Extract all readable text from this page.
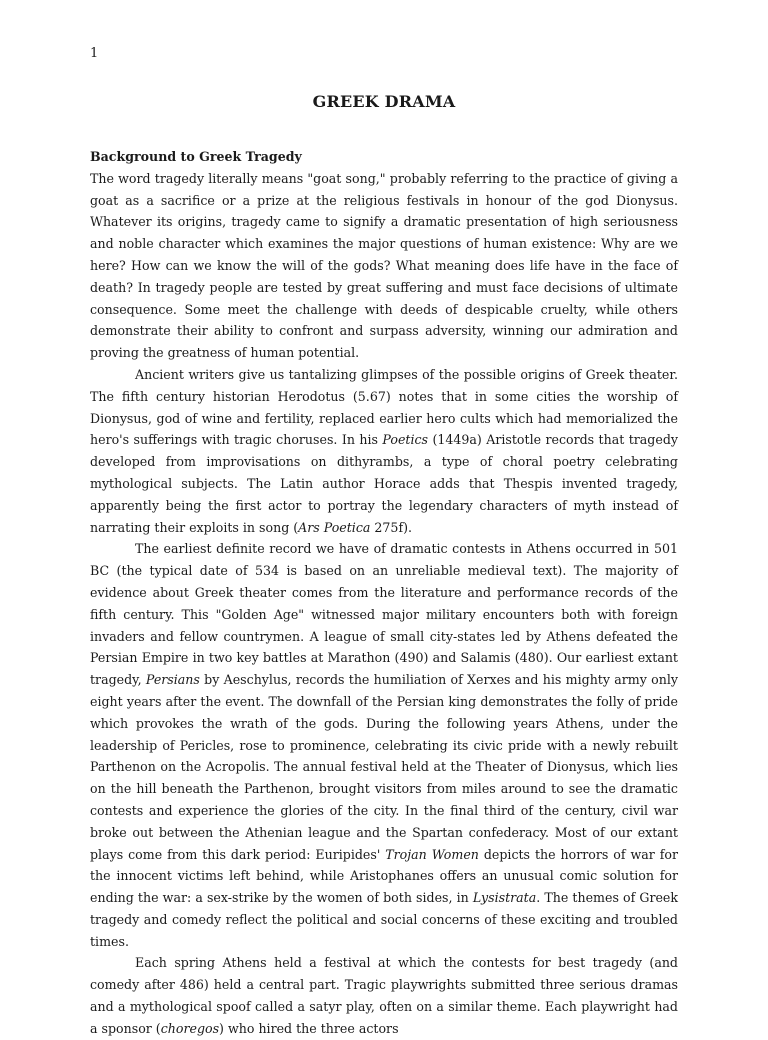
1
GREEK DRAMA

Background to Greek Tragedy

The word tragedy literally means "goat song," probably referring to the practice of giving a goat as a sacrifice or a prize at the religious festivals in honour of the god Dionysus. Whatever its origins, tragedy came to signify a dramatic presentation of high seriousness and noble character which examines the major questions of human existence: Why are we here? How can we know the will of the gods? What meaning does life have in the face of death? In tragedy people are tested by great suffering and must face decisions of ultimate consequence. Some meet the challenge with deeds of despicable cruelty, while others demonstrate their ability to confront and surpass adversity, winning our admiration and proving the greatness of human potential.

Ancient writers give us tantalizing glimpses of the possible origins of Greek theater. The fifth century historian Herodotus (5.67) notes that in some cities the worship of Dionysus, god of wine and fertility, replaced earlier hero cults which had memorialized the hero's sufferings with tragic choruses. In his Poetics (1449a) Aristotle records that tragedy developed from improvisations on dithyrambs, a type of choral poetry celebrating mythological subjects. The Latin author Horace adds that Thespis invented tragedy, apparently being the first actor to portray the legendary characters of myth instead of narrating their exploits in song (Ars Poetica 275f).

The earliest definite record we have of dramatic contests in Athens occurred in 501 BC (the typical date of 534 is based on an unreliable medieval text). The majority of evidence about Greek theater comes from the literature and performance records of the fifth century. This "Golden Age" witnessed major military encounters both with foreign invaders and fellow countrymen. A league of small city-states led by Athens defeated the Persian Empire in two key battles at Marathon (490) and Salamis (480). Our earliest extant tragedy, Persians by Aeschylus, records the humiliation of Xerxes and his mighty army only eight years after the event. The downfall of the Persian king demonstrates the folly of pride which provokes the wrath of the gods. During the following years Athens, under the leadership of Pericles, rose to prominence, celebrating its civic pride with a newly rebuilt Parthenon on the Acropolis. The annual festival held at the Theater of Dionysus, which lies on the hill beneath the Parthenon, brought visitors from miles around to see the dramatic contests and experience the glories of the city. In the final third of the century, civil war broke out between the Athenian league and the Spartan confederacy. Most of our extant plays come from this dark period: Euripides' Trojan Women depicts the horrors of war for the innocent victims left behind, while Aristophanes offers an unusual comic solution for ending the war: a sex-strike by the women of both sides, in Lysistrata. The themes of Greek tragedy and comedy reflect the political and social concerns of these exciting and troubled times.

Each spring Athens held a festival at which the contests for best tragedy (and comedy after 486) held a central part. Tragic playwrights submitted three serious dramas and a mythological spoof called a satyr play, often on a similar theme. Each playwright had a sponsor (choregos) who hired the three actors
